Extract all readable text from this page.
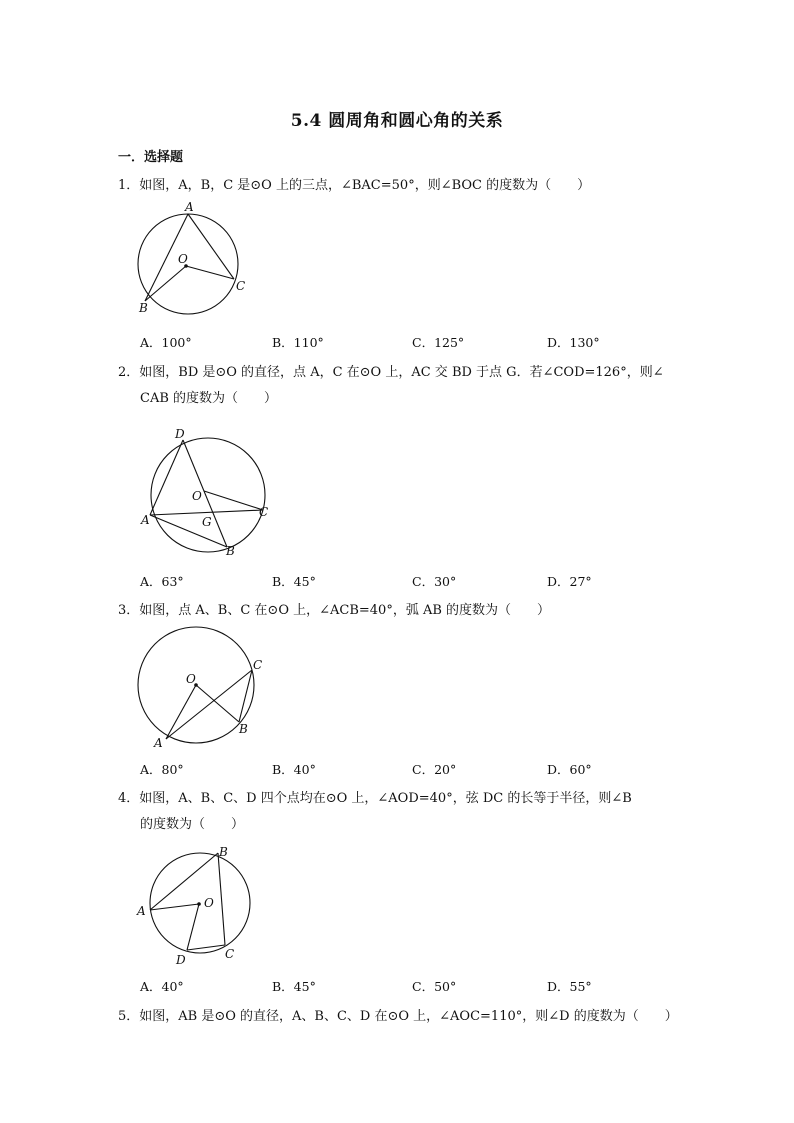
5.4 圆周角和圆心角的关系
一．选择题
1．如图，A，B，C 是⊙O 上的三点，∠BAC=50°，则∠BOC 的度数为（　　）
A
B
C
O
A．100°	B．110°	C．125°	D．130°
2．如图，BD 是⊙O 的直径，点 A，C 在⊙O 上，AC 交 BD 于点 G．若∠COD=126°，则∠
CAB 的度数为（　　）
D
A
C
B
O
G
A．63°	B．45°	C．30°	D．27°
3．如图，点 A、B、C 在⊙O 上，∠ACB=40°，弧 AB 的度数为（　　）
C
O
A
B
A．80°	B．40°	C．20°	D．60°
4．如图，A、B、C、D 四个点均在⊙O 上，∠AOD=40°，弦 DC 的长等于半径，则∠B
的度数为（　　）
B
A
O
C
D
A．40°	B．45°	C．50°	D．55°
5．如图，AB 是⊙O 的直径，A、B、C、D 在⊙O 上，∠AOC=110°，则∠D 的度数为（　　）
